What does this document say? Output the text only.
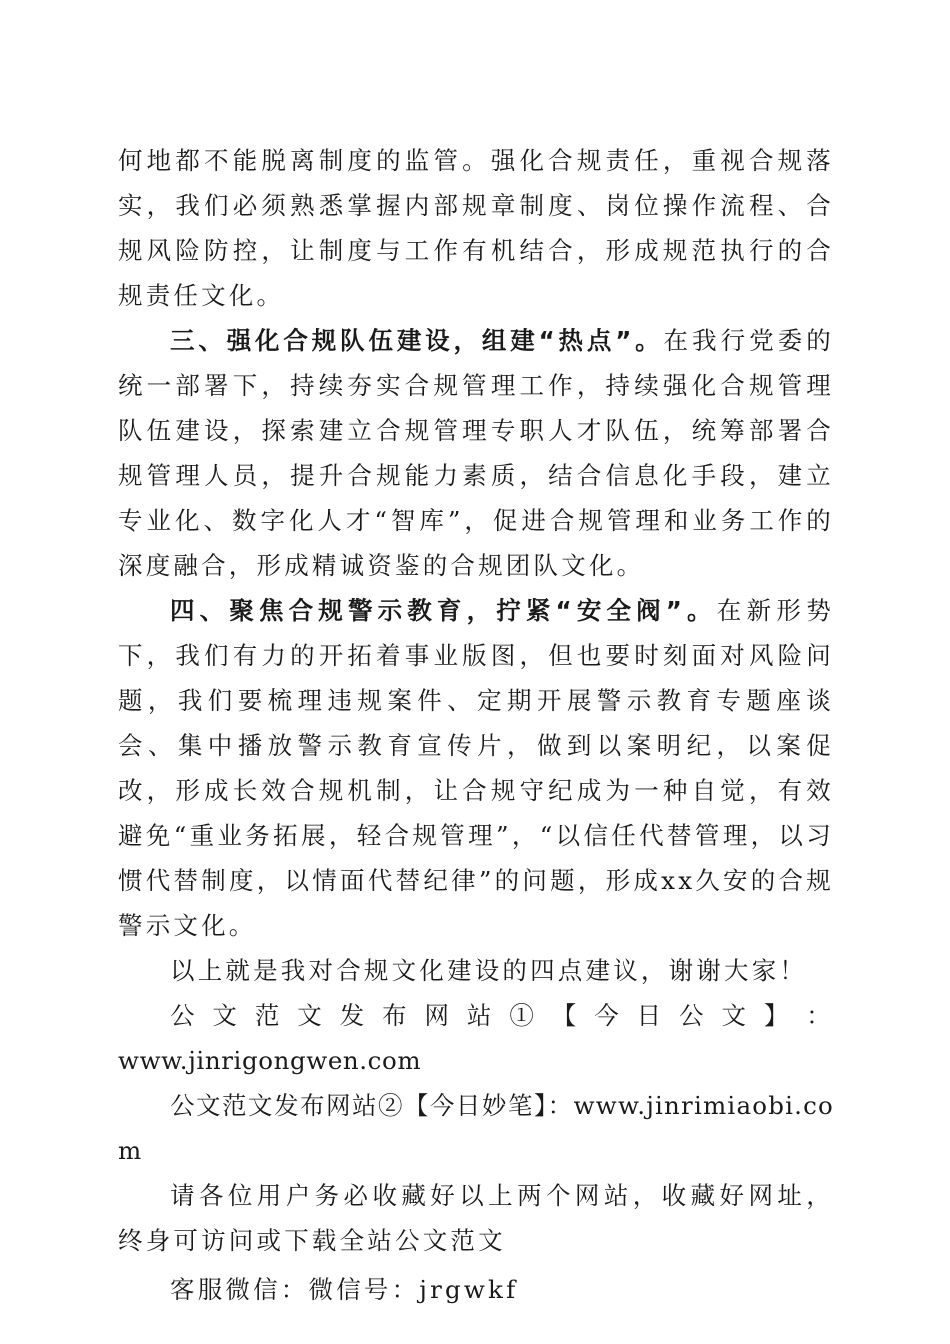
何地都不能脱离制度的监管。强化合规责任，重视合规落实，我们必须熟悉掌握内部规章制度、岗位操作流程、合规风险防控，让制度与工作有机结合，形成规范执行的合规责任文化。

三、强化合规队伍建设，组建“热点”。在我行党委的统一部署下，持续夯实合规管理工作，持续强化合规管理队伍建设，探索建立合规管理专职人才队伍，统筹部署合规管理人员，提升合规能力素质，结合信息化手段，建立专业化、数字化人才“智库”，促进合规管理和业务工作的深度融合，形成精诚资鉴的合规团队文化。

四、聚焦合规警示教育，拧紧“安全阀”。在新形势下，我们有力的开拓着事业版图，但也要时刻面对风险问题，我们要梳理违规案件、定期开展警示教育专题座谈会、集中播放警示教育宣传片，做到以案明纪，以案促改，形成长效合规机制，让合规守纪成为一种自觉，有效避免“重业务拓展，轻合规管理”，“以信任代替管理，以习惯代替制度，以情面代替纪律”的问题，形成xx久安的合规警示文化。

以上就是我对合规文化建设的四点建议，谢谢大家！

公 文 范 文 发 布 网 站 ① 【 今 日 公 文 】 ：

www.jinrigongwen.com

公文范文发布网站②【今日妙笔】：www.jinrimiaobi.com

请各位用户务必收藏好以上两个网站，收藏好网址，终身可访问或下载全站公文范文

客服微信：微信号：jrgwkf
